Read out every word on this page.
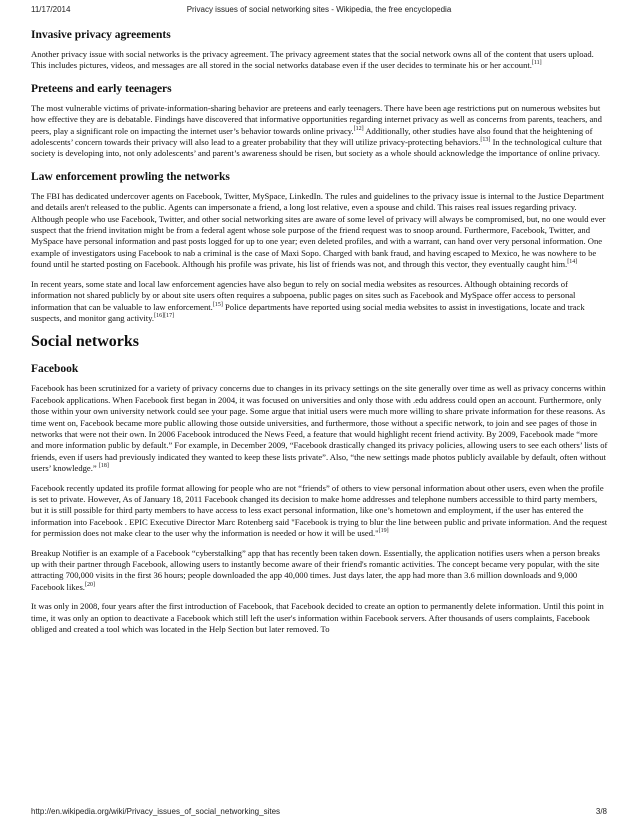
11/17/2014	Privacy issues of social networking sites - Wikipedia, the free encyclopedia
Invasive privacy agreements

Another privacy issue with social networks is the privacy agreement. The privacy agreement states that the social network owns all of the content that users upload. This includes pictures, videos, and messages are all stored in the social networks database even if the user decides to terminate his or her account.[11]

Preteens and early teenagers

The most vulnerable victims of private-information-sharing behavior are preteens and early teenagers. There have been age restrictions put on numerous websites but how effective they are is debatable. Findings have discovered that informative opportunities regarding internet privacy as well as concerns from parents, teachers, and peers, play a significant role on impacting the internet user’s behavior towards online privacy.[12] Additionally, other studies have also found that the heightening of adolescents’ concern towards their privacy will also lead to a greater probability that they will utilize privacy-protecting behaviors.[13] In the technological culture that society is developing into, not only adolescents’ and parent’s awareness should be risen, but society as a whole should acknowledge the importance of online privacy.

Law enforcement prowling the networks

The FBI has dedicated undercover agents on Facebook, Twitter, MySpace, LinkedIn. The rules and guidelines to the privacy issue is internal to the Justice Department and details aren't released to the public. Agents can impersonate a friend, a long lost relative, even a spouse and child. This raises real issues regarding privacy. Although people who use Facebook, Twitter, and other social networking sites are aware of some level of privacy will always be compromised, but, no one would ever suspect that the friend invitation might be from a federal agent whose sole purpose of the friend request was to snoop around. Furthermore, Facebook, Twitter, and MySpace have personal information and past posts logged for up to one year; even deleted profiles, and with a warrant, can hand over very personal information. One example of investigators using Facebook to nab a criminal is the case of Maxi Sopo. Charged with bank fraud, and having escaped to Mexico, he was nowhere to be found until he started posting on Facebook. Although his profile was private, his list of friends was not, and through this vector, they eventually caught him.[14]

In recent years, some state and local law enforcement agencies have also begun to rely on social media websites as resources. Although obtaining records of information not shared publicly by or about site users often requires a subpoena, public pages on sites such as Facebook and MySpace offer access to personal information that can be valuable to law enforcement.[15] Police departments have reported using social media websites to assist in investigations, locate and track suspects, and monitor gang activity.[16][17]

Social networks
Facebook

Facebook has been scrutinized for a variety of privacy concerns due to changes in its privacy settings on the site generally over time as well as privacy concerns within Facebook applications. When Facebook first began in 2004, it was focused on universities and only those with .edu address could open an account. Furthermore, only those within your own university network could see your page. Some argue that initial users were much more willing to share private information for these reasons. As time went on, Facebook became more public allowing those outside universities, and furthermore, those without a specific network, to join and see pages of those in networks that were not their own. In 2006 Facebook introduced the News Feed, a feature that would highlight recent friend activity. By 2009, Facebook made “more and more information public by default.” For example, in December 2009, “Facebook drastically changed its privacy policies, allowing users to see each others’ lists of friends, even if users had previously indicated they wanted to keep these lists private”. Also, “the new settings made photos publicly available by default, often without users’ knowledge.” [18]

Facebook recently updated its profile format allowing for people who are not “friends” of others to view personal information about other users, even when the profile is set to private. However, As of January 18, 2011 Facebook changed its decision to make home addresses and telephone numbers accessible to third party members, but it is still possible for third party members to have access to less exact personal information, like one’s hometown and employment, if the user has entered the information into Facebook . EPIC Executive Director Marc Rotenberg said "Facebook is trying to blur the line between public and private information. And the request for permission does not make clear to the user why the information is needed or how it will be used."[19]

Breakup Notifier is an example of a Facebook “cyberstalking” app that has recently been taken down. Essentially, the application notifies users when a person breaks up with their partner through Facebook, allowing users to instantly become aware of their friend's romantic activities. The concept became very popular, with the site attracting 700,000 visits in the first 36 hours; people downloaded the app 40,000 times. Just days later, the app had more than 3.6 million downloads and 9,000 Facebook likes.[20]

It was only in 2008, four years after the first introduction of Facebook, that Facebook decided to create an option to permanently delete information. Until this point in time, it was only an option to deactivate a Facebook which still left the user's information within Facebook servers. After thousands of users complaints, Facebook obliged and created a tool which was located in the Help Section but later removed. To

http://en.wikipedia.org/wiki/Privacy_issues_of_social_networking_sites	3/8
